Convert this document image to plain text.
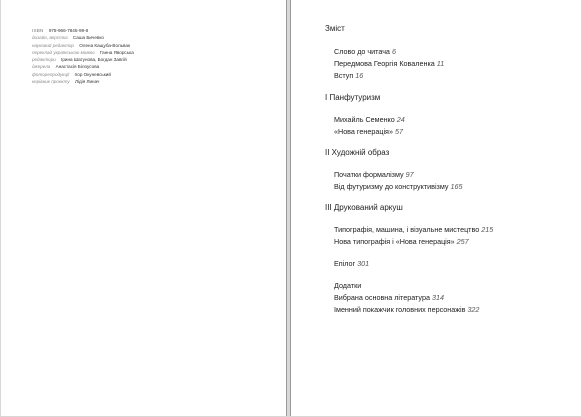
ISBN 978-966-7845-99-8
дизайн, верстка Саша Бичевко
науковий редактор Олена Кащуба-Вольвак
переклад українською мовою Ганна Яворська
редактори Ірина Шатунова, Богдан Завгій
джерела Анастасія Білоусова
фоторепродукції Ігор Окуневський
керівник проекту Лідія Линач
Зміст
Слово до читача 6
Передмова Георгія Коваленка 11
Вступ 16
I Панфутуризм
Михайль Семенко 24
«Нова генерація» 57
II Художній образ
Початки формалізму 97
Від футуризму до конструктивізму 165
III Друкований аркуш
Типографія, машина, і візуальне мистецтво 215
Нова типографія і «Нова генерація» 257
Епілог 301
Додатки
Вибрана основна література 314
Іменний покажчик головних персонажів 322
